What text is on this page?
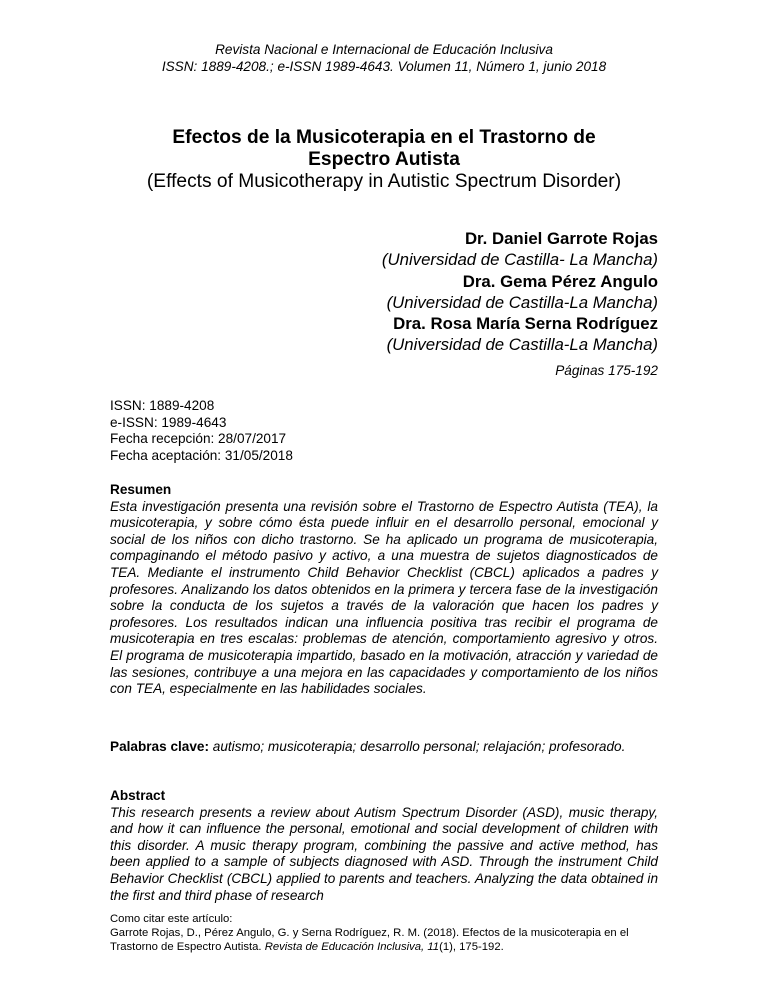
Revista Nacional e Internacional de Educación Inclusiva
ISSN: 1889-4208.; e-ISSN 1989-4643. Volumen 11, Número 1, junio 2018
Efectos de la Musicoterapia en el Trastorno de
Espectro Autista
(Effects of Musicotherapy in Autistic Spectrum Disorder)
Dr. Daniel Garrote Rojas
(Universidad de Castilla- La Mancha)
Dra. Gema Pérez Angulo
(Universidad de Castilla-La Mancha)
Dra. Rosa María Serna Rodríguez
(Universidad de Castilla-La Mancha)
Páginas 175-192
ISSN: 1889-4208
e-ISSN: 1989-4643
Fecha recepción: 28/07/2017
Fecha aceptación: 31/05/2018
Resumen
Esta investigación presenta una revisión sobre el Trastorno de Espectro Autista (TEA), la musicoterapia, y sobre cómo ésta puede influir en el desarrollo personal, emocional y social de los niños con dicho trastorno. Se ha aplicado un programa de musicoterapia, compaginando el método pasivo y activo, a una muestra de sujetos diagnosticados de TEA. Mediante el instrumento Child Behavior Checklist (CBCL) aplicados a padres y profesores. Analizando los datos obtenidos en la primera y tercera fase de la investigación sobre la conducta de los sujetos a través de la valoración que hacen los padres y profesores. Los resultados indican una influencia positiva tras recibir el programa de musicoterapia en tres escalas: problemas de atención, comportamiento agresivo y otros. El programa de musicoterapia impartido, basado en la motivación, atracción y variedad de las sesiones, contribuye a una mejora en las capacidades y comportamiento de los niños con TEA, especialmente en las habilidades sociales.
Palabras clave: autismo; musicoterapia; desarrollo personal; relajación; profesorado.
Abstract
This research presents a review about Autism Spectrum Disorder (ASD), music therapy, and how it can influence the personal, emotional and social development of children with this disorder. A music therapy program, combining the passive and active method, has been applied to a sample of subjects diagnosed with ASD. Through the instrument Child Behavior Checklist (CBCL) applied to parents and teachers. Analyzing the data obtained in the first and third phase of research
Como citar este artículo:
Garrote Rojas, D., Pérez Angulo, G. y Serna Rodríguez, R. M. (2018). Efectos de la musicoterapia en el Trastorno de Espectro Autista. Revista de Educación Inclusiva, 11(1), 175-192.
